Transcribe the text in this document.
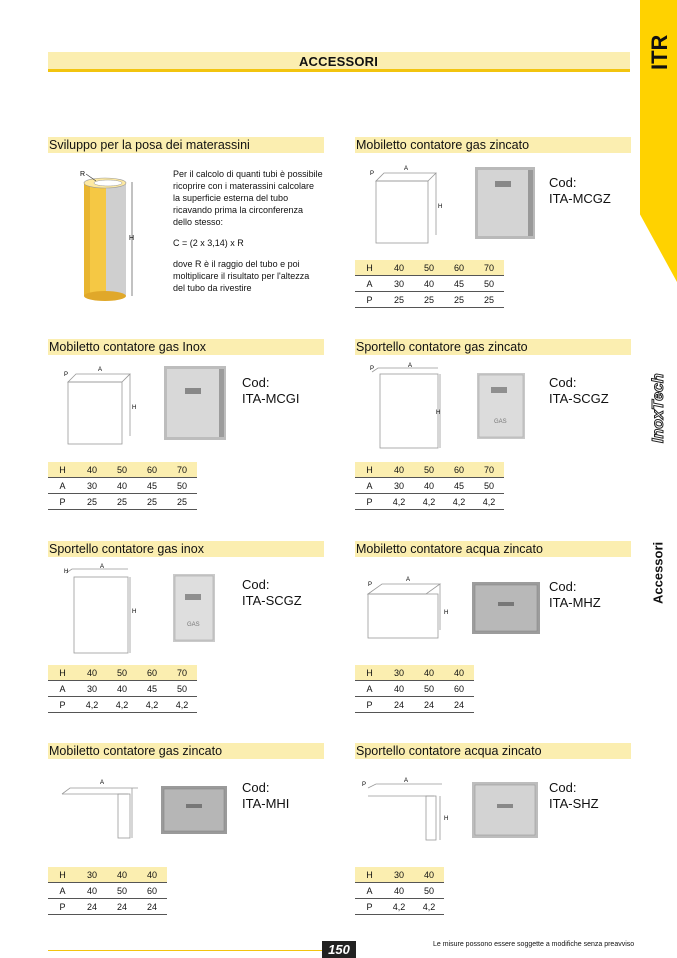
ACCESSORI	ITR
InoxTech
Accessori
Sviluppo per la posa dei materassini
R
H

Per il calcolo di quanti tubi è possibile ricoprire con i materassini calcolare la superficie esterna del tubo ricavando prima la circonferenza dello stesso:

C = (2 x 3,14) x R

dove R è il raggio del tubo e poi moltiplicare il risultato per l'altezza del tubo da rivestire

Mobiletto contatore gas zincato
A
P
H
Cod:
ITA-MCGZ
H	40	50	60	70
A	30	40	45	50
P	25	25	25	25
Mobiletto contatore gas Inox
A
P
H
Cod:
ITA-MCGI
H	40	50	60	70
A	30	40	45	50
P	25	25	25	25
Sportello contatore gas zincato
A
P
H
GAS
Cod:
ITA-SCGZ
H	40	50	60	70
A	30	40	45	50
P	4,2	4,2	4,2	4,2
Sportello contatore gas inox
A
H
H
GAS
Cod:
ITA-SCGZ
H	40	50	60	70
A	30	40	45	50
P	4,2	4,2	4,2	4,2
Mobiletto contatore acqua zincato
A
P
H
Cod:
ITA-MHZ
H	30	40	40
A	40	50	60
P	24	24	24
Mobiletto contatore gas zincato
A	Cod:
ITA-MHI
H	30	40	40
A	40	50	60
P	24	24	24
Sportello contatore acqua zincato
A
P
H
Cod:
ITA-SHZ
H	30	40
A	40	50
P	4,2	4,2
150	Le misure possono essere soggette a modifiche senza preavviso
